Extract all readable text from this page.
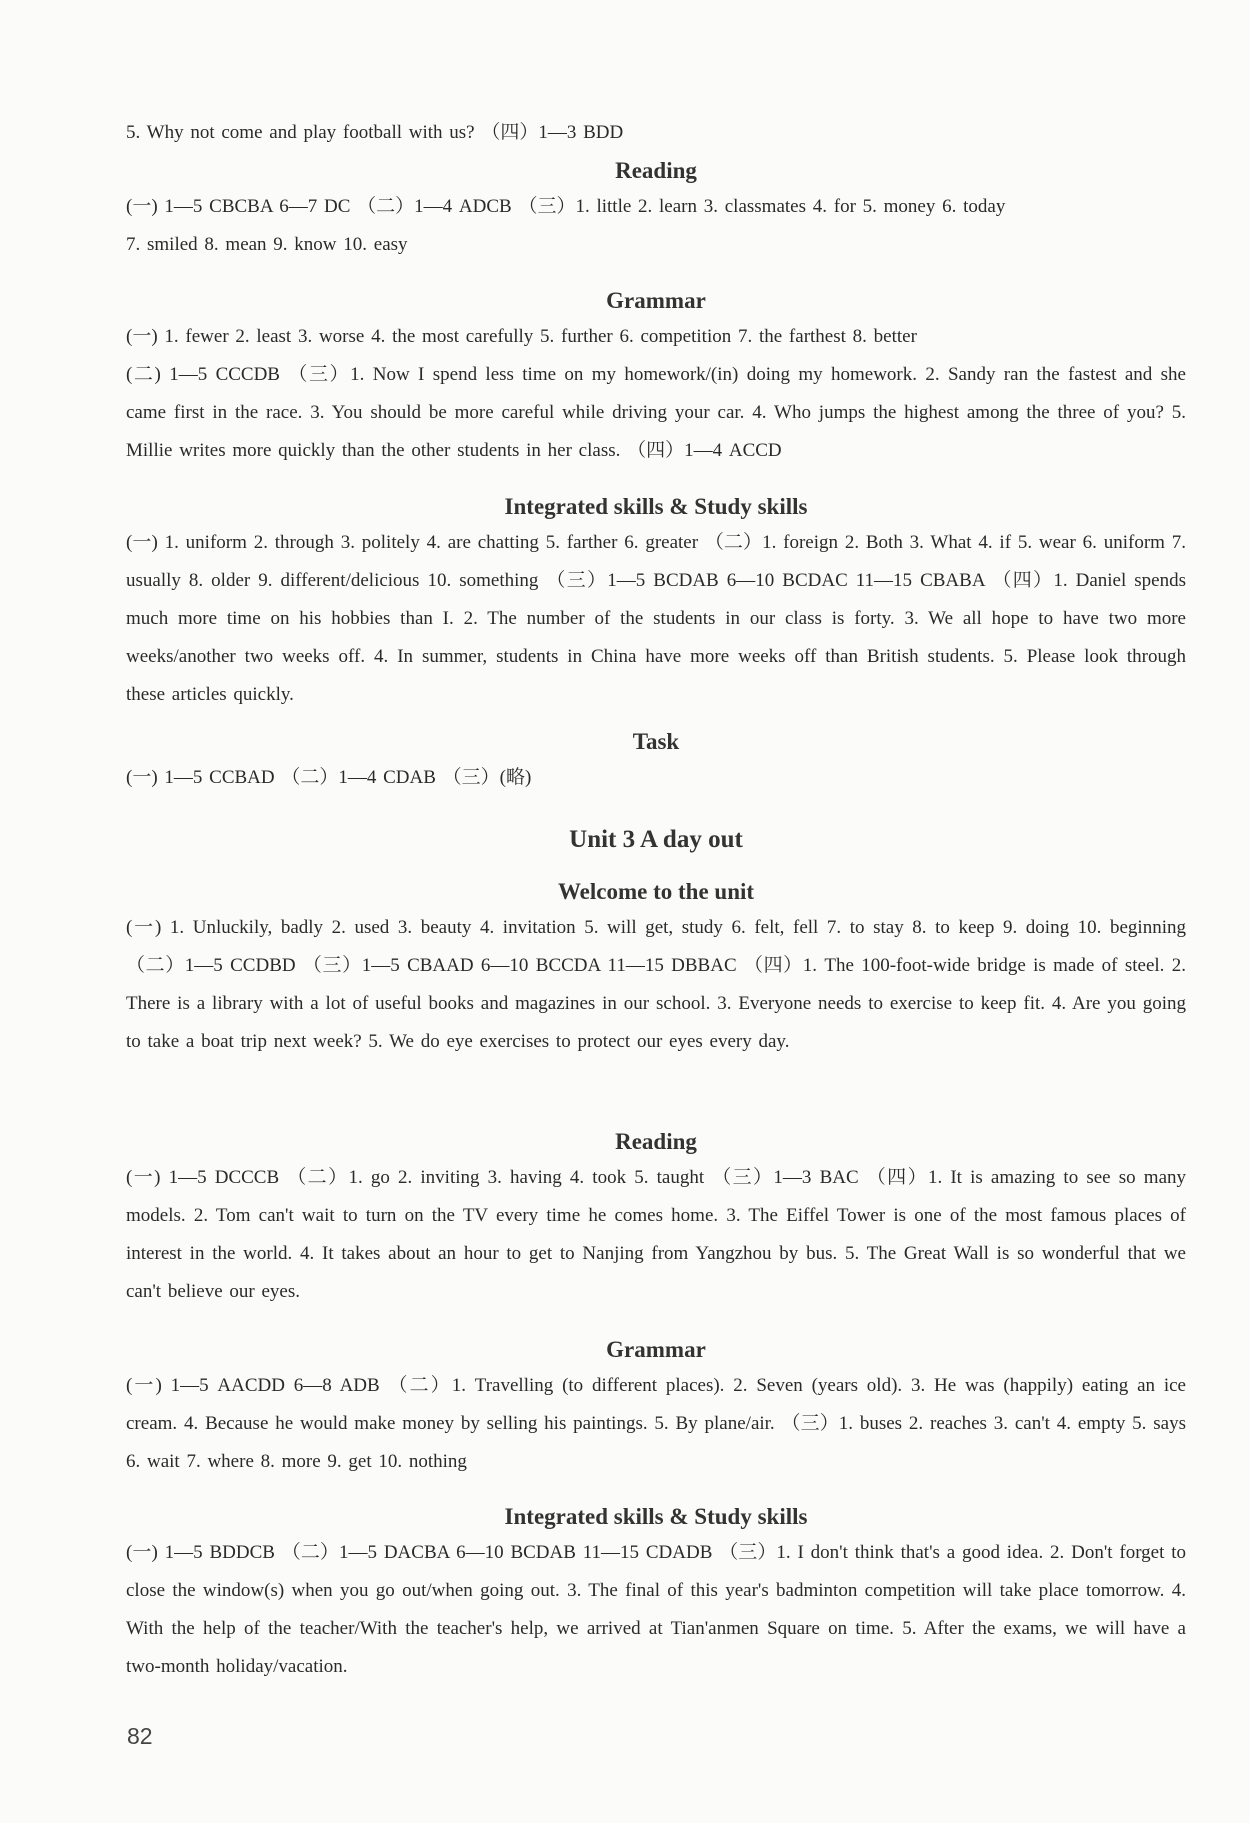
5. Why not come and play football with us? （四）1—3 BDD

Reading

(一) 1—5 CBCBA 6—7 DC （二）1—4 ADCB （三）1. little 2. learn 3. classmates 4. for 5. money 6. today

7. smiled 8. mean 9. know 10. easy

Grammar

(一) 1. fewer 2. least 3. worse 4. the most carefully 5. further 6. competition 7. the farthest 8. better

(二) 1—5 CCCDB （三）1. Now I spend less time on my homework/(in) doing my homework. 2. Sandy ran the fastest and she came first in the race. 3. You should be more careful while driving your car. 4. Who jumps the highest among the three of you? 5. Millie writes more quickly than the other students in her class. （四）1—4 ACCD

Integrated skills & Study skills

(一) 1. uniform 2. through 3. politely 4. are chatting 5. farther 6. greater （二）1. foreign 2. Both 3. What 4. if 5. wear 6. uniform 7. usually 8. older 9. different/delicious 10. something （三）1—5 BCDAB 6—10 BCDAC 11—15 CBABA （四）1. Daniel spends much more time on his hobbies than I. 2. The number of the students in our class is forty. 3. We all hope to have two more weeks/another two weeks off. 4. In summer, students in China have more weeks off than British students. 5. Please look through these articles quickly.

Task

(一) 1—5 CCBAD （二）1—4 CDAB （三）(略)

Unit 3 A day out
Welcome to the unit

(一) 1. Unluckily, badly 2. used 3. beauty 4. invitation 5. will get, study 6. felt, fell 7. to stay 8. to keep 9. doing 10. beginning （二）1—5 CCDBD （三）1—5 CBAAD 6—10 BCCDA 11—15 DBBAC （四）1. The 100-foot-wide bridge is made of steel. 2. There is a library with a lot of useful books and magazines in our school. 3. Everyone needs to exercise to keep fit. 4. Are you going to take a boat trip next week? 5. We do eye exercises to protect our eyes every day.

Reading

(一) 1—5 DCCCB （二）1. go 2. inviting 3. having 4. took 5. taught （三）1—3 BAC （四）1. It is amazing to see so many models. 2. Tom can't wait to turn on the TV every time he comes home. 3. The Eiffel Tower is one of the most famous places of interest in the world. 4. It takes about an hour to get to Nanjing from Yangzhou by bus. 5. The Great Wall is so wonderful that we can't believe our eyes.

Grammar

(一) 1—5 AACDD 6—8 ADB （二）1. Travelling (to different places). 2. Seven (years old). 3. He was (happily) eating an ice cream. 4. Because he would make money by selling his paintings. 5. By plane/air. （三）1. buses 2. reaches 3. can't 4. empty 5. says 6. wait 7. where 8. more 9. get 10. nothing

Integrated skills & Study skills

(一) 1—5 BDDCB （二）1—5 DACBA 6—10 BCDAB 11—15 CDADB （三）1. I don't think that's a good idea. 2. Don't forget to close the window(s) when you go out/when going out. 3. The final of this year's badminton competition will take place tomorrow. 4. With the help of the teacher/With the teacher's help, we arrived at Tian'anmen Square on time. 5. After the exams, we will have a two-month holiday/vacation.

82
